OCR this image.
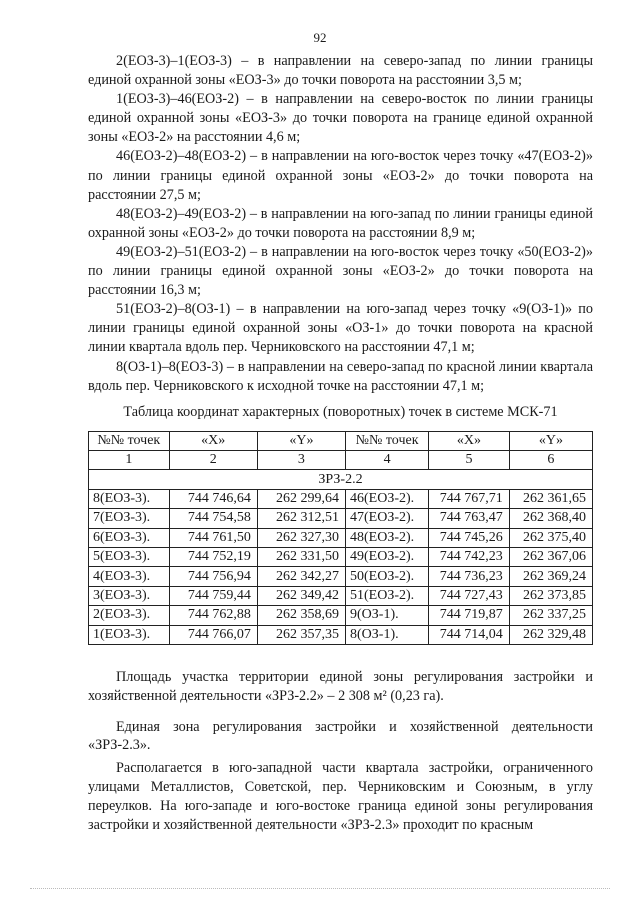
92

2(ЕОЗ-3)–1(ЕОЗ-3) – в направлении на северо-запад по линии границы единой охранной зоны «ЕОЗ-3» до точки поворота на расстоянии 3,5 м;

1(ЕОЗ-3)–46(ЕОЗ-2) – в направлении на северо-восток по линии границы единой охранной зоны «ЕОЗ-3» до точки поворота на границе единой охранной зоны «ЕОЗ-2» на расстоянии 4,6 м;

46(ЕОЗ-2)–48(ЕОЗ-2) – в направлении на юго-восток через точку «47(ЕОЗ-2)» по линии границы единой охранной зоны «ЕОЗ-2» до точки поворота на расстоянии 27,5 м;

48(ЕОЗ-2)–49(ЕОЗ-2) – в направлении на юго-запад по линии границы единой охранной зоны «ЕОЗ-2» до точки поворота на расстоянии 8,9 м;

49(ЕОЗ-2)–51(ЕОЗ-2) – в направлении на юго-восток через точку «50(ЕОЗ-2)» по линии границы единой охранной зоны «ЕОЗ-2» до точки поворота на расстоянии 16,3 м;

51(ЕОЗ-2)–8(ОЗ-1) – в направлении на юго-запад через точку «9(ОЗ-1)» по линии границы единой охранной зоны «ОЗ-1» до точки поворота на красной линии квартала вдоль пер. Черниковского на расстоянии 47,1 м;

8(ОЗ-1)–8(ЕОЗ-3) – в направлении на северо-запад по красной линии квартала вдоль пер. Черниковского к исходной точке на расстоянии 47,1 м;

Таблица координат характерных (поворотных) точек в системе МСК-71
№№ точек	«X»	«Y»	№№ точек	«X»	«Y»
1	2	3	4	5	6
ЗРЗ-2.2					
8(ЕОЗ-3).	744 746,64	262 299,64	46(ЕОЗ-2).	744 767,71	262 361,65
7(ЕОЗ-3).	744 754,58	262 312,51	47(ЕОЗ-2).	744 763,47	262 368,40
6(ЕОЗ-3).	744 761,50	262 327,30	48(ЕОЗ-2).	744 745,26	262 375,40
5(ЕОЗ-3).	744 752,19	262 331,50	49(ЕОЗ-2).	744 742,23	262 367,06
4(ЕОЗ-3).	744 756,94	262 342,27	50(ЕОЗ-2).	744 736,23	262 369,24
3(ЕОЗ-3).	744 759,44	262 349,42	51(ЕОЗ-2).	744 727,43	262 373,85
2(ЕОЗ-3).	744 762,88	262 358,69	9(ОЗ-1).	744 719,87	262 337,25
1(ЕОЗ-3).	744 766,07	262 357,35	8(ОЗ-1).	744 714,04	262 329,48

Площадь участка территории единой зоны регулирования застройки и хозяйственной деятельности «ЗРЗ-2.2» – 2 308 м² (0,23 га).

Единая зона регулирования застройки и хозяйственной деятельности «ЗРЗ-2.3».

Располагается в юго-западной части квартала застройки, ограниченного улицами Металлистов, Советской, пер. Черниковским и Союзным, в углу переулков. На юго-западе и юго-востоке граница единой зоны регулирования застройки и хозяйственной деятельности «ЗРЗ-2.3» проходит по красным
